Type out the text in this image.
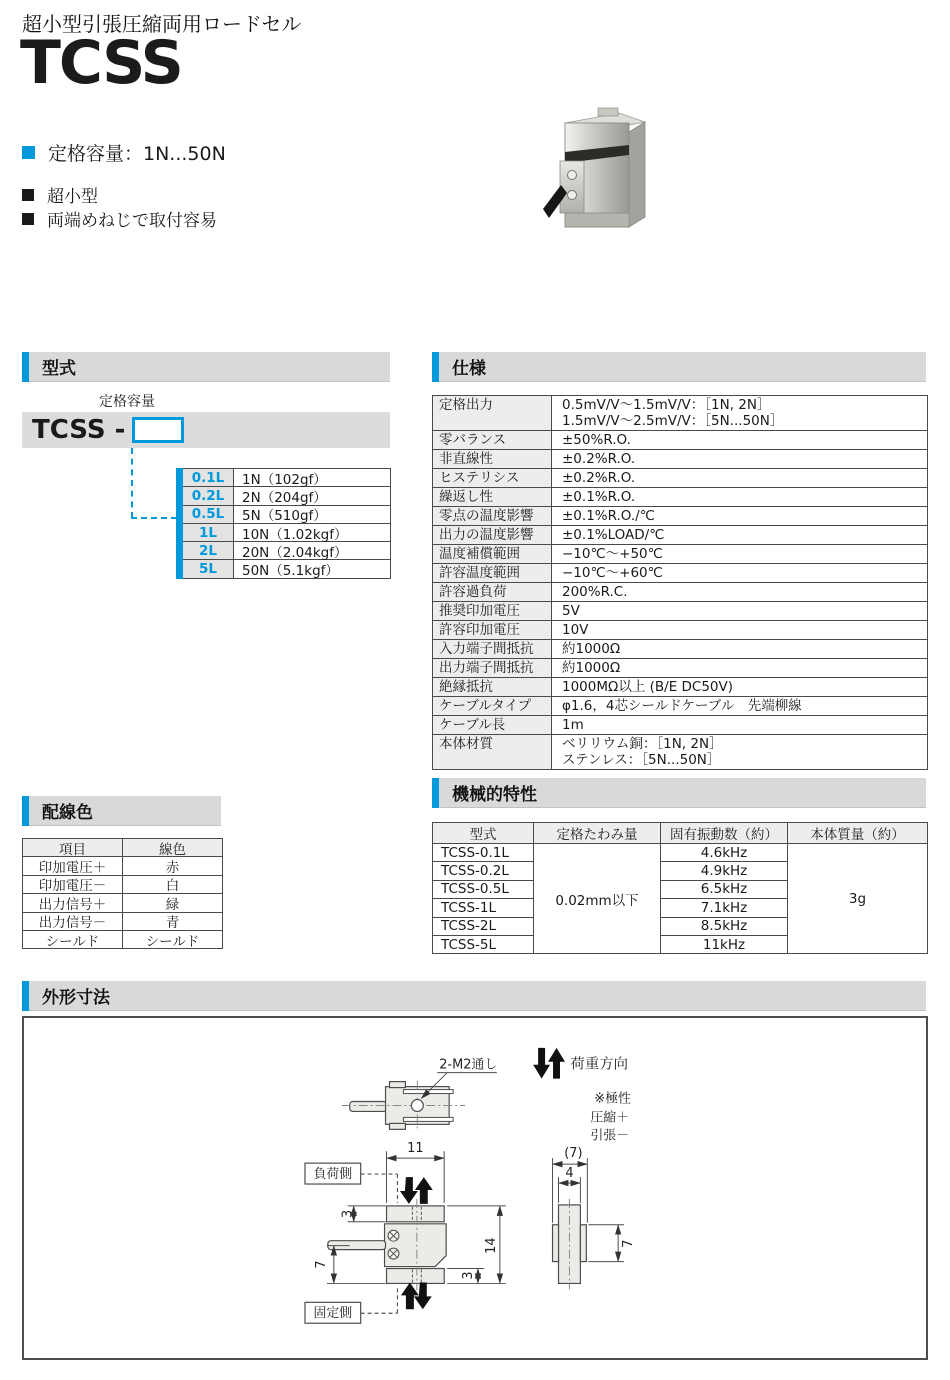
超小型引張圧縮両用ロードセル
TCSS
定格容量：1N...50N
超小型
両端めねじで取付容易
型式
定格容量
TCSS -
0.1L	1N（102gf）
0.2L	2N（204gf）
0.5L	5N（510gf）
1L	10N（1.02kgf）
2L	20N（2.04kgf）
5L	50N（5.1kgf）
仕様
定格出力	0.5mV/V～1.5mV/V：［1N, 2N］
1.5mV/V～2.5mV/V：［5N...50N］
零バランス	±50%R.O.
非直線性	±0.2%R.O.
ヒステリシス	±0.2%R.O.
繰返し性	±0.1%R.O.
零点の温度影響	±0.1%R.O./℃
出力の温度影響	±0.1%LOAD/℃
温度補償範囲	−10℃～+50℃
許容温度範囲	−10℃～+60℃
許容過負荷	200%R.C.
推奨印加電圧	5V
許容印加電圧	10V
入力端子間抵抗	約1000Ω
出力端子間抵抗	約1000Ω
絶縁抵抗	1000MΩ以上 (B/E DC50V)
ケーブルタイプ	φ1.6，4芯シールドケーブル　先端柳線
ケーブル長	1m
本体材質	ベリリウム銅：［1N, 2N］
ステンレス：［5N...50N］
配線色
項目	線色
印加電圧＋	赤
印加電圧－	白
出力信号＋	緑
出力信号－	青
シールド	シールド
機械的特性
型式	定格たわみ量	固有振動数（約）	本体質量（約）
TCSS-0.1L	0.02mm以下	4.6kHz	3g
TCSS-0.2L		4.9kHz	
TCSS-0.5L		6.5kHz	
TCSS-1L		7.1kHz	
TCSS-2L		8.5kHz	
TCSS-5L		11kHz	
外形寸法
2-M2通し	荷重方向
※極性
圧縮＋
引張－
11
負荷側
3
7
14
3
固定側
(7)
4
7
